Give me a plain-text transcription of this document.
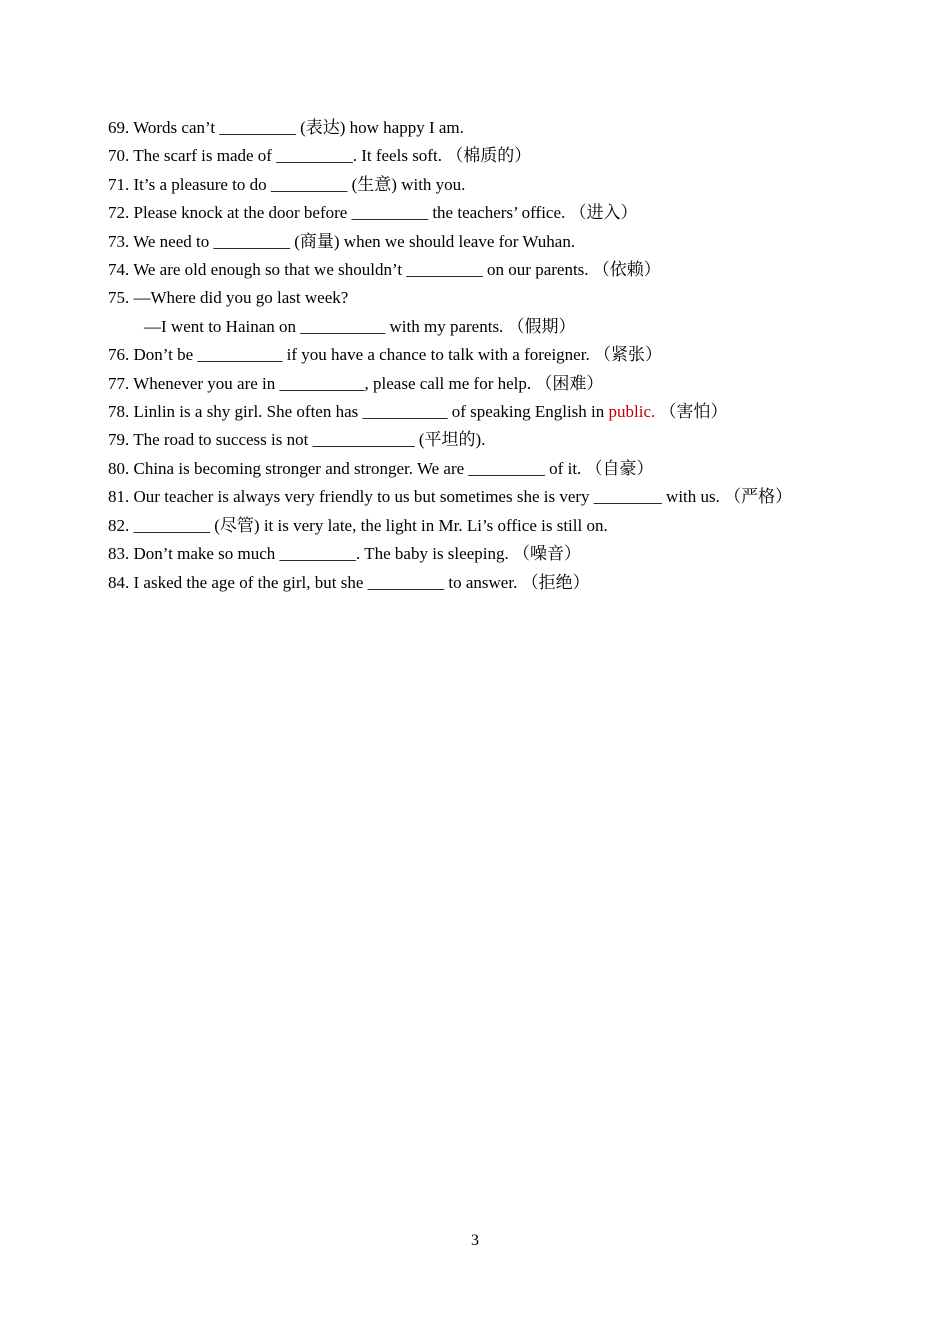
69. Words can’t _________ (表达) how happy I am.
70. The scarf is made of _________. It feels soft. （棉质的）
71. It’s a pleasure to do _________ (生意) with you.
72. Please knock at the door before _________ the teachers’ office. （进入）
73. We need to _________ (商量) when we should leave for Wuhan.
74. We are old enough so that we shouldn’t _________ on our parents. （依赖）
75. —Where did you go last week?
—I went to Hainan on __________ with my parents. （假期）
76. Don’t be __________ if you have a chance to talk with a foreigner. （紧张）
77. Whenever you are in __________, please call me for help. （困难）
78. Linlin is a shy girl. She often has __________ of speaking English in public. （害怕）
79. The road to success is not ____________ (平坦的).
80. China is becoming stronger and stronger. We are _________ of it. （自豪）
81. Our teacher is always very friendly to us but sometimes she is very ________ with us. （严格）
82. _________ (尽管) it is very late, the light in Mr. Li’s office is still on.
83. Don’t make so much _________. The baby is sleeping. （噪音）
84. I asked the age of the girl, but she _________ to answer. （拒绝）
3
